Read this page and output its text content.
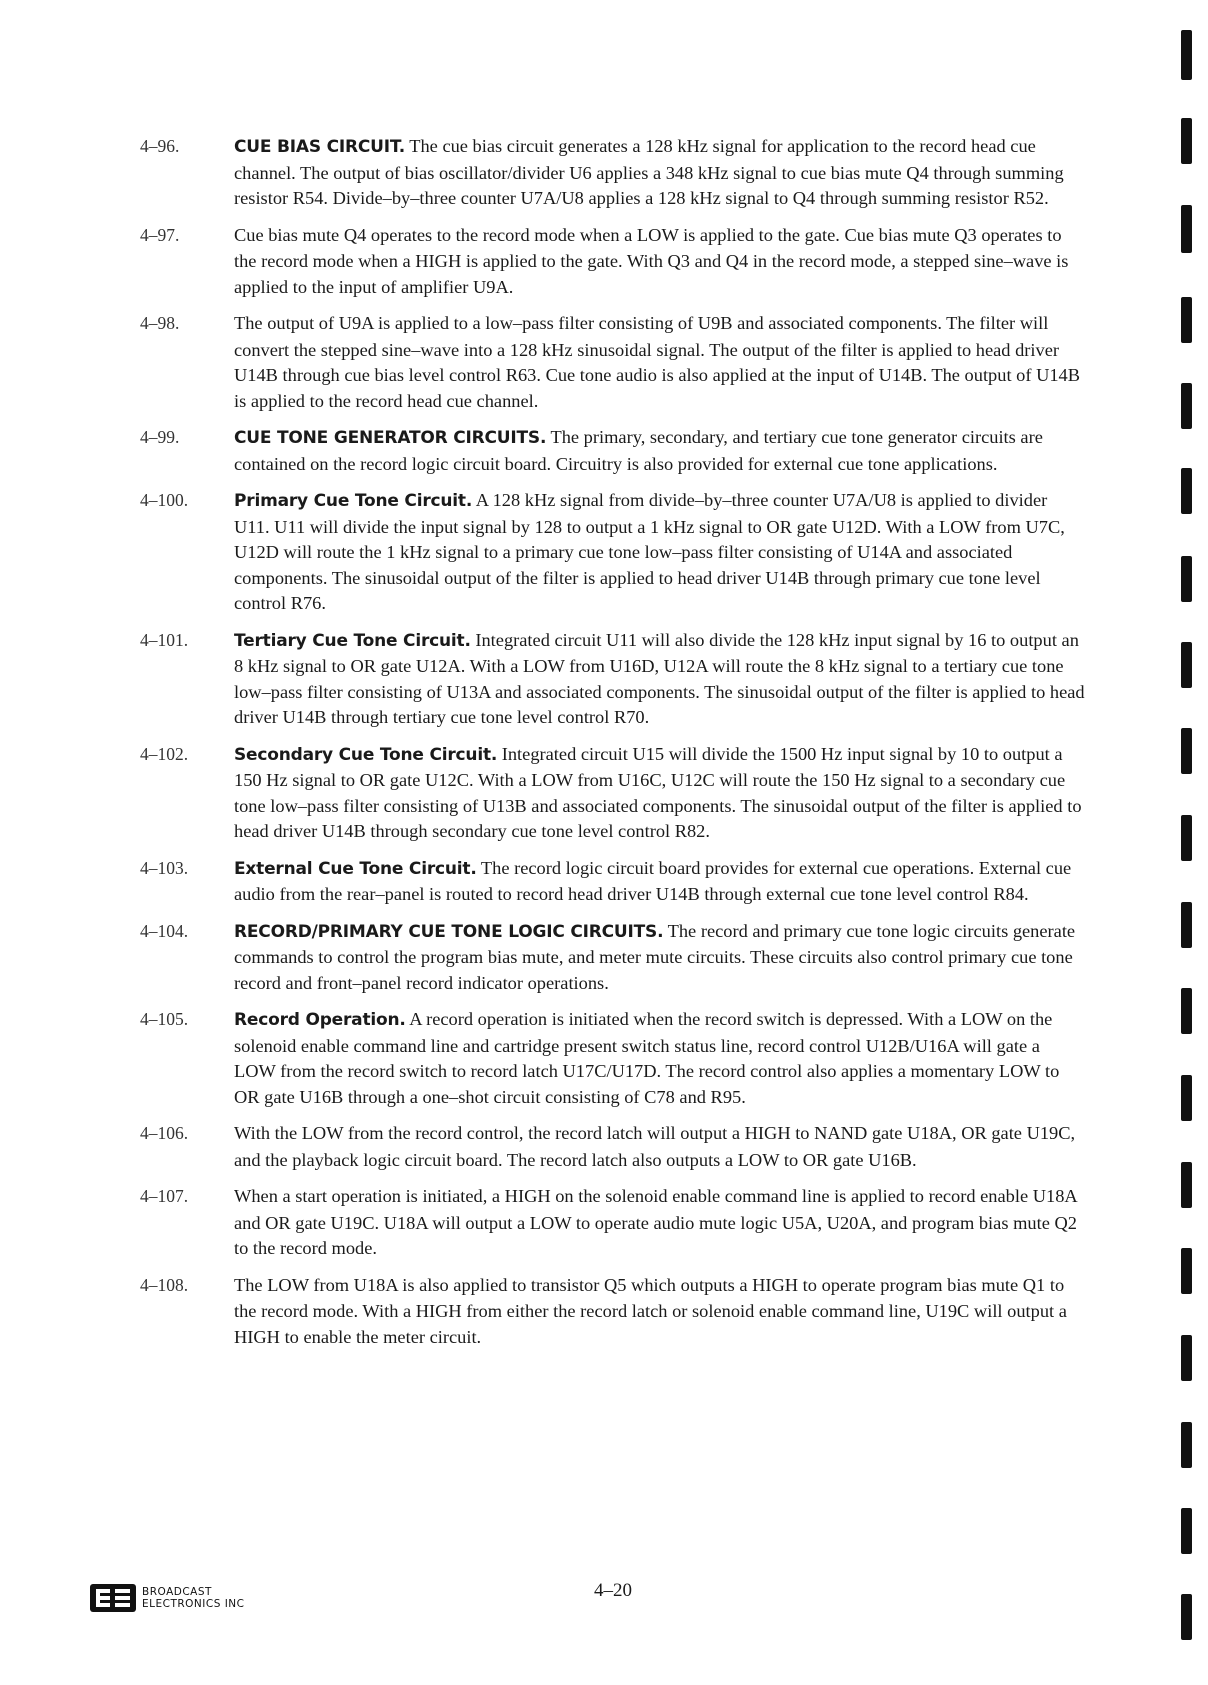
4–96.	CUE BIAS CIRCUIT. The cue bias circuit generates a 128 kHz signal for application to the record head cue channel. The output of bias oscillator/divider U6 applies a 348 kHz signal to cue bias mute Q4 through summing resistor R54. Divide–by–three counter U7A/U8 applies a 128 kHz signal to Q4 through summing resistor R52.
4–97.	Cue bias mute Q4 operates to the record mode when a LOW is applied to the gate. Cue bias mute Q3 operates to the record mode when a HIGH is applied to the gate. With Q3 and Q4 in the record mode, a stepped sine–wave is applied to the input of amplifier U9A.
4–98.	The output of U9A is applied to a low–pass filter consisting of U9B and associated components. The filter will convert the stepped sine–wave into a 128 kHz sinusoidal signal. The output of the filter is applied to head driver U14B through cue bias level control R63. Cue tone audio is also applied at the input of U14B. The output of U14B is applied to the record head cue channel.
4–99.	CUE TONE GENERATOR CIRCUITS. The primary, secondary, and tertiary cue tone generator circuits are contained on the record logic circuit board. Circuitry is also provided for external cue tone applications.
4–100.	Primary Cue Tone Circuit. A 128 kHz signal from divide–by–three counter U7A/U8 is applied to divider U11. U11 will divide the input signal by 128 to output a 1 kHz signal to OR gate U12D. With a LOW from U7C, U12D will route the 1 kHz signal to a primary cue tone low–pass filter consisting of U14A and associated components. The sinusoidal output of the filter is applied to head driver U14B through primary cue tone level control R76.
4–101.	Tertiary Cue Tone Circuit. Integrated circuit U11 will also divide the 128 kHz input signal by 16 to output an 8 kHz signal to OR gate U12A. With a LOW from U16D, U12A will route the 8 kHz signal to a tertiary cue tone low–pass filter consisting of U13A and associated components. The sinusoidal output of the filter is applied to head driver U14B through tertiary cue tone level control R70.
4–102.	Secondary Cue Tone Circuit. Integrated circuit U15 will divide the 1500 Hz input signal by 10 to output a 150 Hz signal to OR gate U12C. With a LOW from U16C, U12C will route the 150 Hz signal to a secondary cue tone low–pass filter consisting of U13B and associated components. The sinusoidal output of the filter is applied to head driver U14B through secondary cue tone level control R82.
4–103.	External Cue Tone Circuit. The record logic circuit board provides for external cue operations. External cue audio from the rear–panel is routed to record head driver U14B through external cue tone level control R84.
4–104.	RECORD/PRIMARY CUE TONE LOGIC CIRCUITS. The record and primary cue tone logic circuits generate commands to control the program bias mute, and meter mute circuits. These circuits also control primary cue tone record and front–panel record indicator operations.
4–105.	Record Operation. A record operation is initiated when the record switch is depressed. With a LOW on the solenoid enable command line and cartridge present switch status line, record control U12B/U16A will gate a LOW from the record switch to record latch U17C/U17D. The record control also applies a momentary LOW to OR gate U16B through a one–shot circuit consisting of C78 and R95.
4–106.	With the LOW from the record control, the record latch will output a HIGH to NAND gate U18A, OR gate U19C, and the playback logic circuit board. The record latch also outputs a LOW to OR gate U16B.
4–107.	When a start operation is initiated, a HIGH on the solenoid enable command line is applied to record enable U18A and OR gate U19C. U18A will output a LOW to operate audio mute logic U5A, U20A, and program bias mute Q2 to the record mode.
4–108.	The LOW from U18A is also applied to transistor Q5 which outputs a HIGH to operate program bias mute Q1 to the record mode. With a HIGH from either the record latch or solenoid enable command line, U19C will output a HIGH to enable the meter circuit.
BROADCAST
ELECTRONICS INC
4–20
